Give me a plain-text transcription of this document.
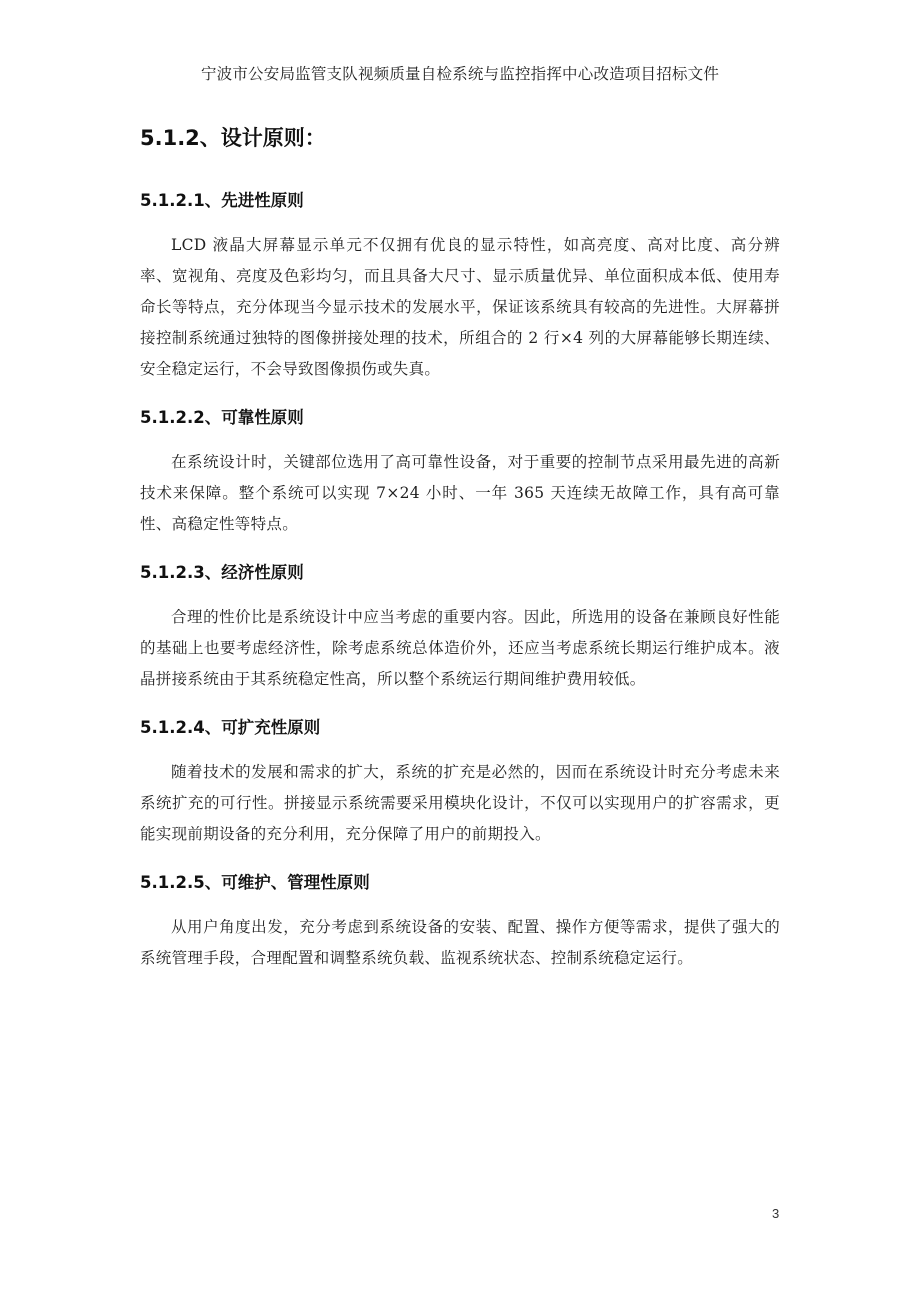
宁波市公安局监管支队视频质量自检系统与监控指挥中心改造项目招标文件
5.1.2、设计原则：
5.1.2.1、先进性原则

LCD 液晶大屏幕显示单元不仅拥有优良的显示特性，如高亮度、高对比度、高分辨率、宽视角、亮度及色彩均匀，而且具备大尺寸、显示质量优异、单位面积成本低、使用寿命长等特点，充分体现当今显示技术的发展水平，保证该系统具有较高的先进性。大屏幕拼接控制系统通过独特的图像拼接处理的技术，所组合的 2 行×4 列的大屏幕能够长期连续、安全稳定运行，不会导致图像损伤或失真。

5.1.2.2、可靠性原则

在系统设计时，关键部位选用了高可靠性设备，对于重要的控制节点采用最先进的高新技术来保障。整个系统可以实现 7×24 小时、一年 365 天连续无故障工作，具有高可靠性、高稳定性等特点。

5.1.2.3、经济性原则

合理的性价比是系统设计中应当考虑的重要内容。因此，所选用的设备在兼顾良好性能的基础上也要考虑经济性，除考虑系统总体造价外，还应当考虑系统长期运行维护成本。液晶拼接系统由于其系统稳定性高，所以整个系统运行期间维护费用较低。

5.1.2.4、可扩充性原则

随着技术的发展和需求的扩大，系统的扩充是必然的，因而在系统设计时充分考虑未来系统扩充的可行性。拼接显示系统需要采用模块化设计，不仅可以实现用户的扩容需求，更能实现前期设备的充分利用，充分保障了用户的前期投入。

5.1.2.5、可维护、管理性原则

从用户角度出发，充分考虑到系统设备的安装、配置、操作方便等需求，提供了强大的系统管理手段，合理配置和调整系统负载、监视系统状态、控制系统稳定运行。

3
